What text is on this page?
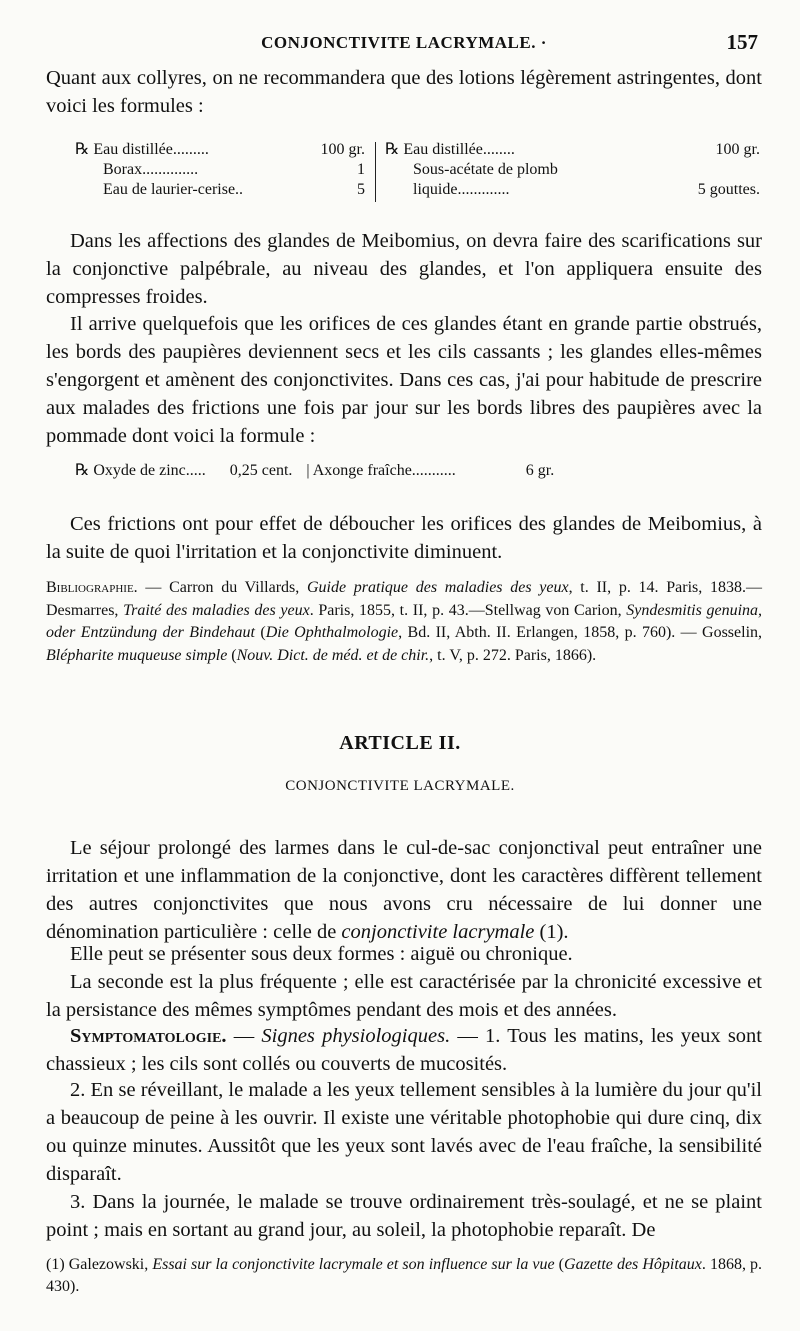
CONJONCTIVITE LACRYMALE. ·	157
Quant aux collyres, on ne recommandera que des lotions légèrement astringentes, dont voici les formules :
℞ Eau distillée.........	100 gr.
Borax..............	1
Eau de laurier-cerise..	5
℞ Eau distillée........	100 gr.
Sous-acétate de plomb
liquide.............	5 gouttes.
Dans les affections des glandes de Meibomius, on devra faire des scarifications sur la conjonctive palpébrale, au niveau des glandes, et l'on appliquera ensuite des compresses froides.
Il arrive quelquefois que les orifices de ces glandes étant en grande partie obstrués, les bords des paupières deviennent secs et les cils cassants ; les glandes elles-mêmes s'engorgent et amènent des conjonctivites. Dans ces cas, j'ai pour habitude de prescrire aux malades des frictions une fois par jour sur les bords libres des paupières avec la pommade dont voici la formule :
℞ Oxyde de zinc..... 0,25 cent. | Axonge fraîche...........	6 gr.
Ces frictions ont pour effet de déboucher les orifices des glandes de Meibomius, à la suite de quoi l'irritation et la conjonctivite diminuent.
Bibliographie. — Carron du Villards, Guide pratique des maladies des yeux, t. II, p. 14. Paris, 1838.—Desmarres, Traité des maladies des yeux. Paris, 1855, t. II, p. 43.—Stellwag von Carion, Syndesmitis genuina, oder Entzündung der Bindehaut (Die Ophthalmologie, Bd. II, Abth. II. Erlangen, 1858, p. 760). — Gosselin, Blépharite muqueuse simple (Nouv. Dict. de méd. et de chir., t. V, p. 272. Paris, 1866).
ARTICLE II.
CONJONCTIVITE LACRYMALE.
Le séjour prolongé des larmes dans le cul-de-sac conjonctival peut entraîner une irritation et une inflammation de la conjonctive, dont les caractères diffèrent tellement des autres conjonctivites que nous avons cru nécessaire de lui donner une dénomination particulière : celle de conjonctivite lacrymale (1).
Elle peut se présenter sous deux formes : aiguë ou chronique.
La seconde est la plus fréquente ; elle est caractérisée par la chronicité excessive et la persistance des mêmes symptômes pendant des mois et des années.
Symptomatologie. — Signes physiologiques. — 1. Tous les matins, les yeux sont chassieux ; les cils sont collés ou couverts de mucosités.
2. En se réveillant, le malade a les yeux tellement sensibles à la lumière du jour qu'il a beaucoup de peine à les ouvrir. Il existe une véritable photophobie qui dure cinq, dix ou quinze minutes. Aussitôt que les yeux sont lavés avec de l'eau fraîche, la sensibilité disparaît.
3. Dans la journée, le malade se trouve ordinairement très-soulagé, et ne se plaint point ; mais en sortant au grand jour, au soleil, la photophobie reparaît. De
(1) Galezowski, Essai sur la conjonctivite lacrymale et son influence sur la vue (Gazette des Hôpitaux. 1868, p. 430).
